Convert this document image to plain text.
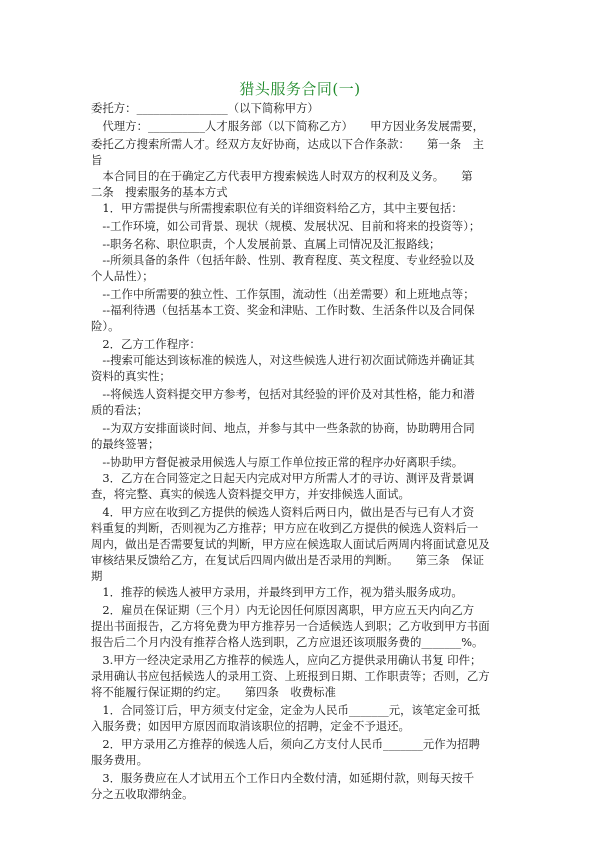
猎头服务合同(一)
委托方：________________（以下简称甲方）
　代理方：__________人才服务部（以下简称乙方）　　甲方因业务发展需要，
委托乙方搜索所需人才。经双方友好协商，达成以下合作条款：　　第一条　主
旨
　本合同目的在于确定乙方代表甲方搜索候选人时双方的权利及义务。　　第
二条　搜索服务的基本方式
　1．甲方需提供与所需搜索职位有关的详细资料给乙方，其中主要包括：
　--工作环境，如公司背景、现状（规模、发展状况、目前和将来的投资等）；
　--职务名称、职位职责，个人发展前景、直属上司情况及汇报路线；
　--所须具备的条件（包括年龄、性别、教育程度、英文程度、专业经验以及
个人品性）；
　--工作中所需要的独立性、工作氛围，流动性（出差需要）和上班地点等；
　--福利待遇（包括基本工资、奖金和津贴、工作时数、生活条件以及合同保
险）。
　2．乙方工作程序：
　--搜索可能达到该标准的候选人，对这些候选人进行初次面试筛选并确证其
资料的真实性；
　--将候选人资料提交甲方参考，包括对其经验的评价及对其性格，能力和潜
质的看法；
　--为双方安排面谈时间、地点，并参与其中一些条款的协商，协助聘用合同
的最终签署；
　--协助甲方督促被录用候选人与原工作单位按正常的程序办好离职手续。
　3．乙方在合同签定之日起天内完成对甲方所需人才的寻访、测评及背景调
查，将完整、真实的候选人资料提交甲方，并安排候选人面试。
　4．甲方应在收到乙方提供的候选人资料后两日内，做出是否与已有人才资
料重复的判断，否则视为乙方推荐；甲方应在收到乙方提供的候选人资料后一
周内，做出是否需要复试的判断，甲方应在候选取人面试后两周内将面试意见及
审核结果反馈给乙方，在复试后四周内做出是否录用的判断。　　第三条　保证
期
　1．推荐的候选人被甲方录用，并最终到甲方工作，视为猎头服务成功。
　2．雇员在保证期（三个月）内无论因任何原因离职，甲方应五天内向乙方
提出书面报告，乙方将免费为甲方推荐另一合适候选人到职；乙方收到甲方书面
报告后二个月内没有推荐合格人选到职，乙方应退还该项服务费的_______%。
　3.甲方一经决定录用乙方推荐的候选人，应向乙方提供录用确认书复 印件；
录用确认书应包括候选人的录用工资、上班报到日期、工作职责等；否则，乙方
将不能履行保证期的约定。　　第四条　收费标准
　1．合同签订后，甲方须支付定金，定金为人民币_______元，该笔定金可抵
入服务费；如因甲方原因而取消该职位的招聘，定金不予退还。
　2．甲方录用乙方推荐的候选人后，须向乙方支付人民币_______元作为招聘
服务费用。
　3．服务费应在人才试用五个工作日内全数付清，如延期付款，则每天按千
分之五收取滞纳金。
